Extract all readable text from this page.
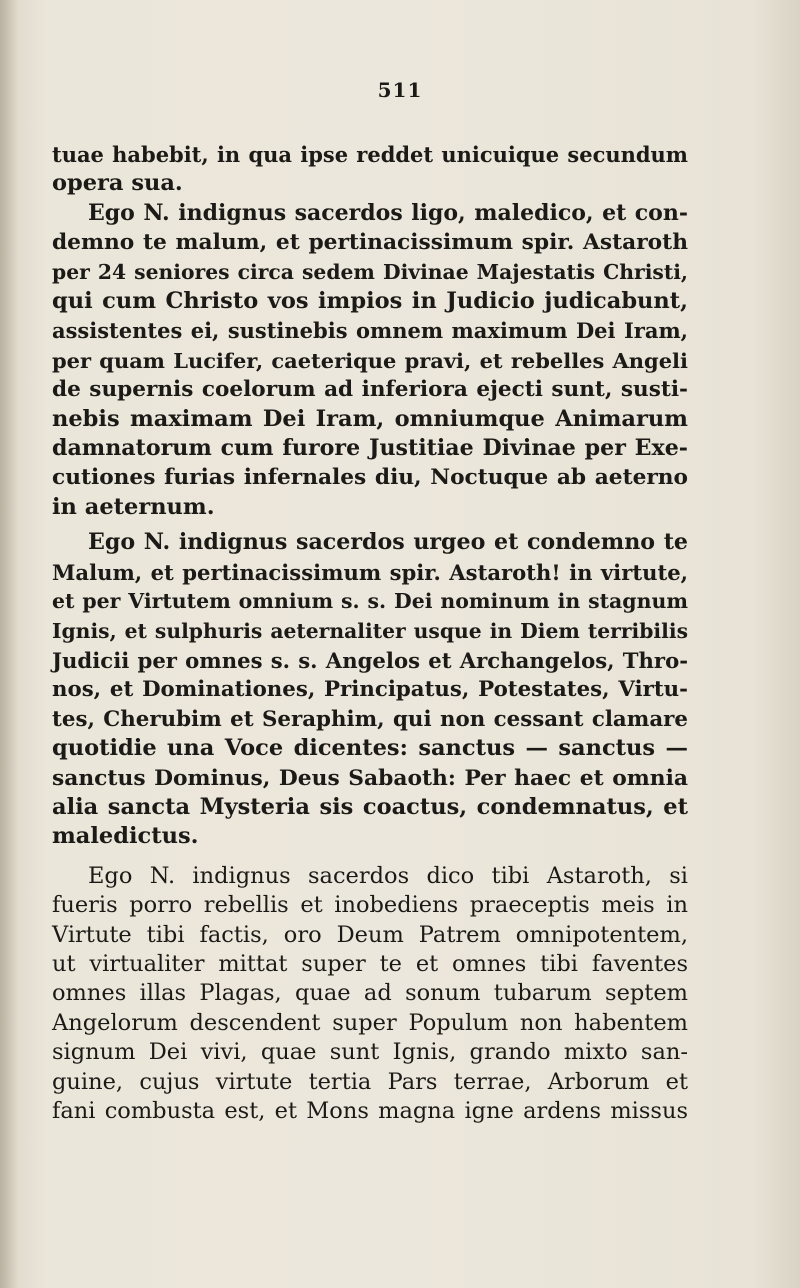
511

tuae habebit, in qua ipse reddet unicuique secundum
opera sua.

Ego N. indignus sacerdos ligo, maledico, et con-
demno te malum, et pertinacissimum spir. Astaroth
per 24 seniores circa sedem Divinae Majestatis Christi,
qui cum Christo vos impios in Judicio judicabunt,
assistentes ei, sustinebis omnem maximum Dei Iram,
per quam Lucifer, caeterique pravi, et rebelles Angeli
de supernis coelorum ad inferiora ejecti sunt, susti-
nebis maximam Dei Iram, omniumque Animarum
damnatorum cum furore Justitiae Divinae per Exe-
cutiones furias infernales diu, Noctuque ab aeterno
in aeternum.

Ego N. indignus sacerdos urgeo et condemno te
Malum, et pertinacissimum spir. Astaroth! in virtute,
et per Virtutem omnium s. s. Dei nominum in stagnum
Ignis, et sulphuris aeternaliter usque in Diem terribilis
Judicii per omnes s. s. Angelos et Archangelos, Thro-
nos, et Dominationes, Principatus, Potestates, Virtu-
tes, Cherubim et Seraphim, qui non cessant clamare
quotidie una Voce dicentes: sanctus — sanctus —
sanctus Dominus, Deus Sabaoth: Per haec et omnia
alia sancta Mysteria sis coactus, condemnatus, et
maledictus.

Ego N. indignus sacerdos dico tibi Astaroth, si
fueris porro rebellis et inobediens praeceptis meis in
Virtute tibi factis, oro Deum Patrem omnipotentem,
ut virtualiter mittat super te et omnes tibi faventes
omnes illas Plagas, quae ad sonum tubarum septem
Angelorum descendent super Populum non habentem
signum Dei vivi, quae sunt Ignis, grando mixto san-
guine, cujus virtute tertia Pars terrae, Arborum et
fani combusta est, et Mons magna igne ardens missus
